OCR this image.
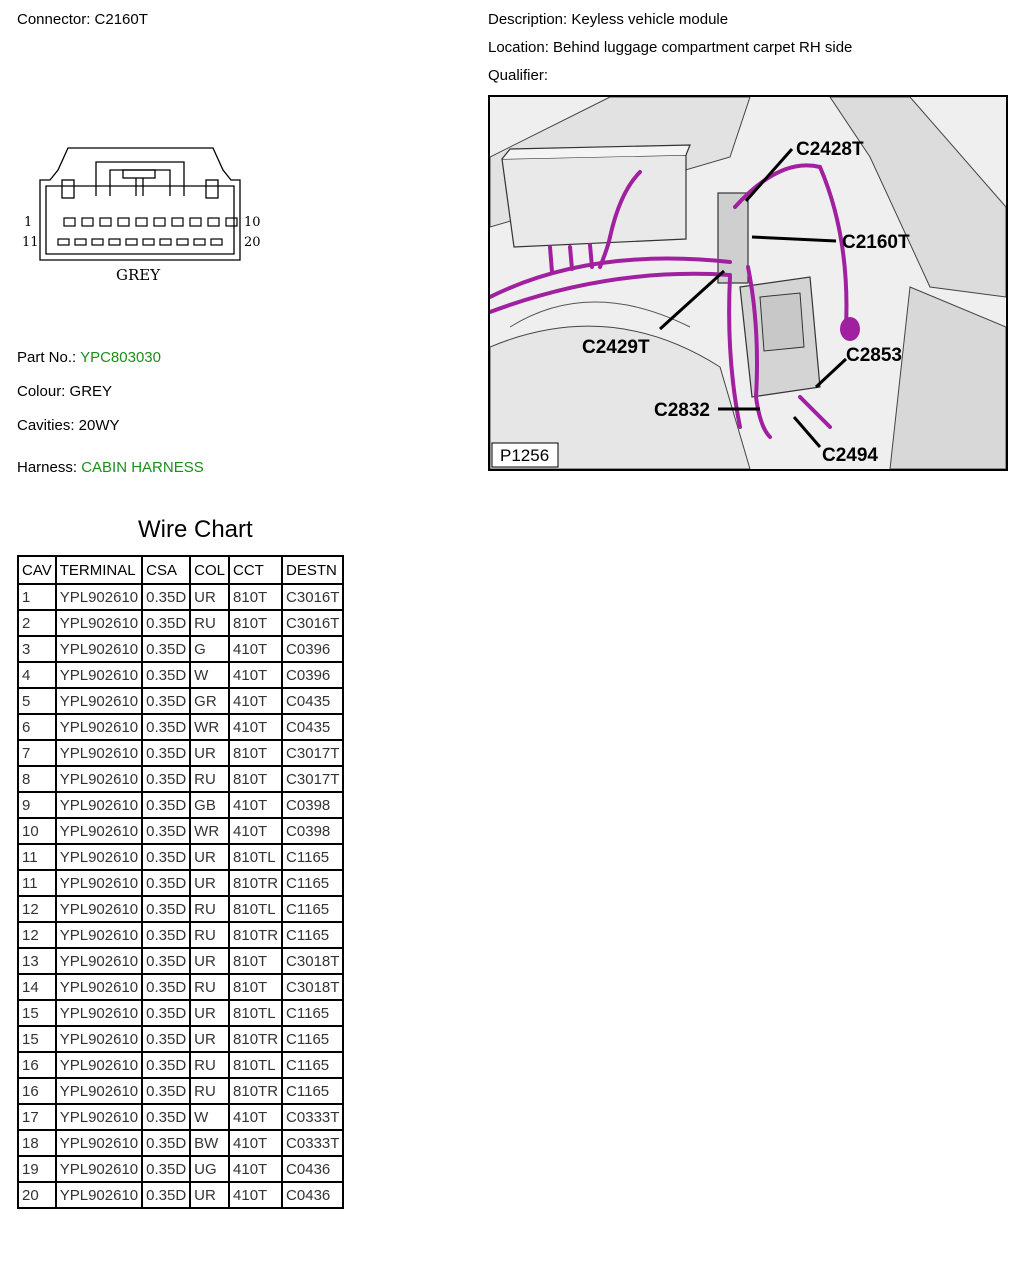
Connector: C2160T	Description: Keyless vehicle module
Location: Behind luggage compartment carpet RH side
Qualifier:
1	10
11	20
GREY
Part No.: YPC803030
Colour: GREY
Cavities: 20WY
Harness: CABIN HARNESS
C2428T
C2160T
C2429T	C2853
C2832
C2494
P1256
Wire Chart
CAV	TERMINAL	CSA	COL	CCT	DESTN
1	YPL902610	0.35D	UR	810T	C3016T
2	YPL902610	0.35D	RU	810T	C3016T
3	YPL902610	0.35D	G	410T	C0396
4	YPL902610	0.35D	W	410T	C0396
5	YPL902610	0.35D	GR	410T	C0435
6	YPL902610	0.35D	WR	410T	C0435
7	YPL902610	0.35D	UR	810T	C3017T
8	YPL902610	0.35D	RU	810T	C3017T
9	YPL902610	0.35D	GB	410T	C0398
10	YPL902610	0.35D	WR	410T	C0398
11	YPL902610	0.35D	UR	810TL	C1165
11	YPL902610	0.35D	UR	810TR	C1165
12	YPL902610	0.35D	RU	810TL	C1165
12	YPL902610	0.35D	RU	810TR	C1165
13	YPL902610	0.35D	UR	810T	C3018T
14	YPL902610	0.35D	RU	810T	C3018T
15	YPL902610	0.35D	UR	810TL	C1165
15	YPL902610	0.35D	UR	810TR	C1165
16	YPL902610	0.35D	RU	810TL	C1165
16	YPL902610	0.35D	RU	810TR	C1165
17	YPL902610	0.35D	W	410T	C0333T
18	YPL902610	0.35D	BW	410T	C0333T
19	YPL902610	0.35D	UG	410T	C0436
20	YPL902610	0.35D	UR	410T	C0436
